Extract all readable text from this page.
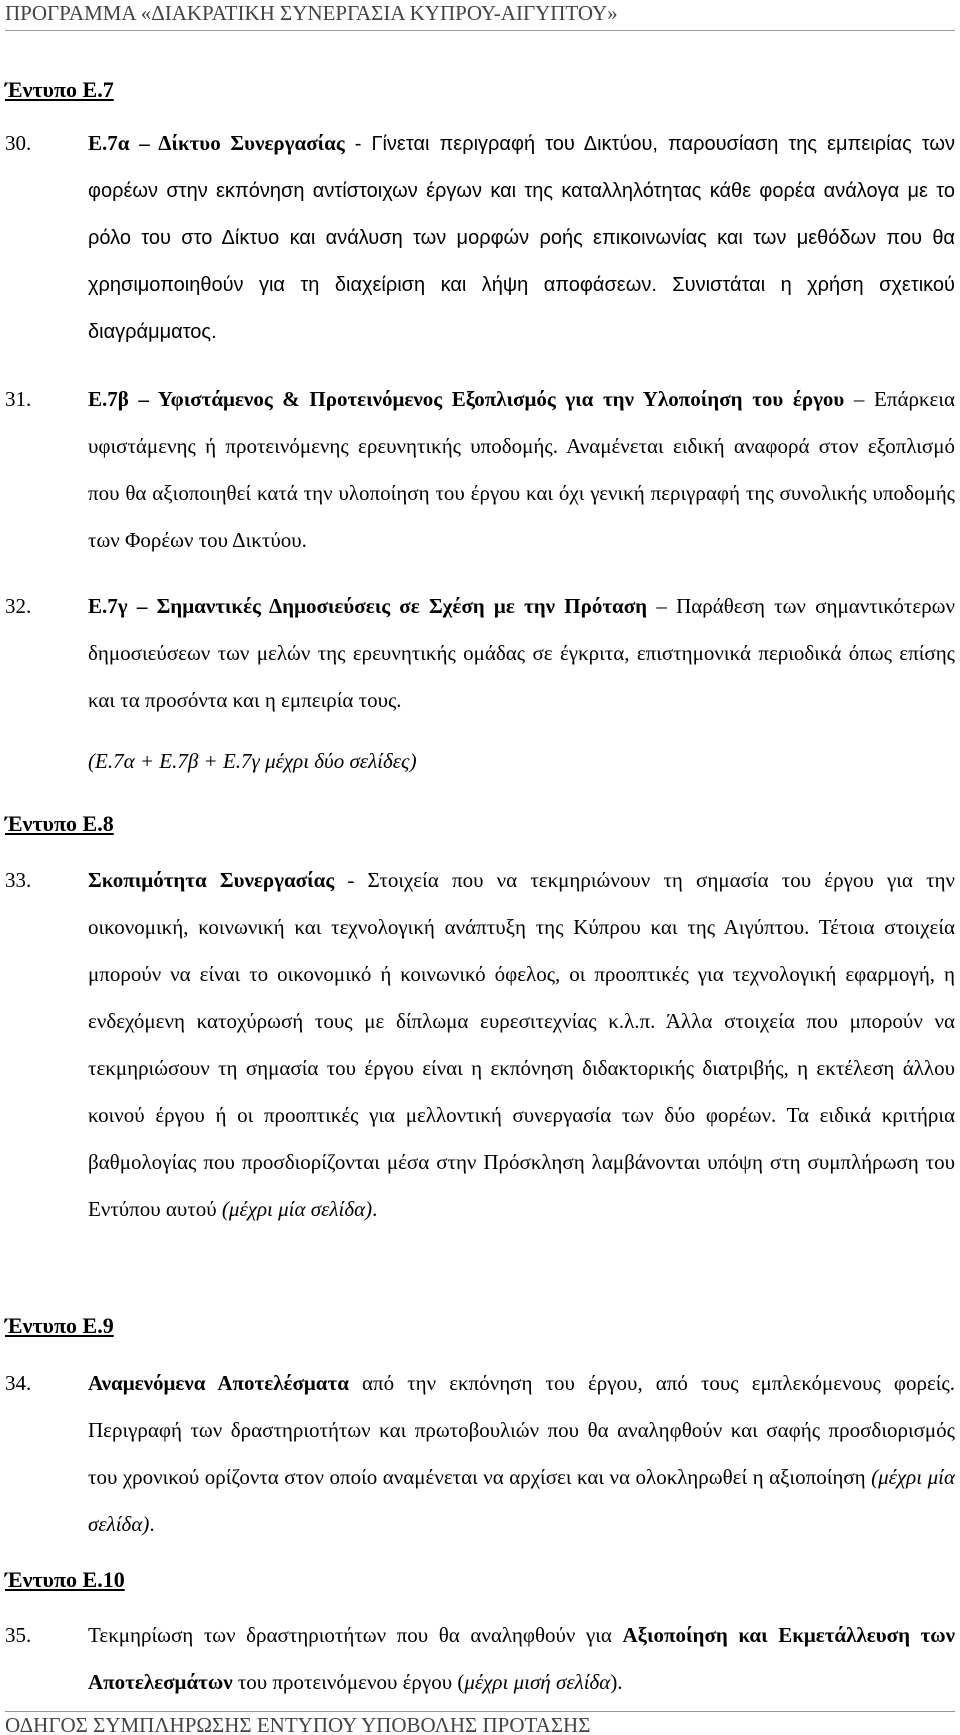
ΠΡΟΓΡΑΜΜΑ «ΔΙΑΚΡΑΤΙΚΗ ΣΥΝΕΡΓΑΣΙΑ ΚΥΠΡΟΥ-ΑΙΓΥΠΤΟΥ»
Έντυπο Ε.7
30.	Ε.7α – Δίκτυο Συνεργασίας - Γίνεται περιγραφή του Δικτύου, παρουσίαση της εμπειρίας των φορέων στην εκπόνηση αντίστοιχων έργων και της καταλληλότητας κάθε φορέα ανάλογα με το ρόλο του στο Δίκτυο και ανάλυση των μορφών ροής επικοινωνίας και των μεθόδων που θα χρησιμοποιηθούν για τη διαχείριση και λήψη αποφάσεων. Συνιστάται η χρήση σχετικού διαγράμματος.
31.	Ε.7β – Υφιστάμενος & Προτεινόμενος Εξοπλισμός για την Υλοποίηση του έργου – Επάρκεια υφιστάμενης ή προτεινόμενης ερευνητικής υποδομής. Αναμένεται ειδική αναφορά στον εξοπλισμό που θα αξιοποιηθεί κατά την υλοποίηση του έργου και όχι γενική περιγραφή της συνολικής υποδομής των Φορέων του Δικτύου.
32.	Ε.7γ – Σημαντικές Δημοσιεύσεις σε Σχέση με την Πρόταση – Παράθεση των σημαντικότερων δημοσιεύσεων των μελών της ερευνητικής ομάδας σε έγκριτα, επιστημονικά περιοδικά όπως επίσης και τα προσόντα και η εμπειρία τους.
(Ε.7α + Ε.7β + Ε.7γ μέχρι δύο σελίδες)
Έντυπο Ε.8
33.	Σκοπιμότητα Συνεργασίας - Στοιχεία που να τεκμηριώνουν τη σημασία του έργου για την οικονομική, κοινωνική και τεχνολογική ανάπτυξη της Κύπρου και της Αιγύπτου. Τέτοια στοιχεία μπορούν να είναι το οικονομικό ή κοινωνικό όφελος, οι προοπτικές για τεχνολογική εφαρμογή, η ενδεχόμενη κατοχύρωσή τους με δίπλωμα ευρεσιτεχνίας κ.λ.π. Άλλα στοιχεία που μπορούν να τεκμηριώσουν τη σημασία του έργου είναι η εκπόνηση διδακτορικής διατριβής, η εκτέλεση άλλου κοινού έργου ή οι προοπτικές για μελλοντική συνεργασία των δύο φορέων. Τα ειδικά κριτήρια βαθμολογίας που προσδιορίζονται μέσα στην Πρόσκληση λαμβάνονται υπόψη στη συμπλήρωση του Εντύπου αυτού (μέχρι μία σελίδα).
Έντυπο Ε.9
34.	Αναμενόμενα Αποτελέσματα από την εκπόνηση του έργου, από τους εμπλεκόμενους φορείς. Περιγραφή των δραστηριοτήτων και πρωτοβουλιών που θα αναληφθούν και σαφής προσδιορισμός του χρονικού ορίζοντα στον οποίο αναμένεται να αρχίσει και να ολοκληρωθεί η αξιοποίηση (μέχρι μία σελίδα).
Έντυπο Ε.10
35.	Τεκμηρίωση των δραστηριοτήτων που θα αναληφθούν για Αξιοποίηση και Εκμετάλλευση των Αποτελεσμάτων του προτεινόμενου έργου (μέχρι μισή σελίδα).
ΟΔΗΓΟΣ ΣΥΜΠΛΗΡΩΣΗΣ ΕΝΤΥΠΟΥ ΥΠΟΒΟΛΗΣ ΠΡΟΤΑΣΗΣ
